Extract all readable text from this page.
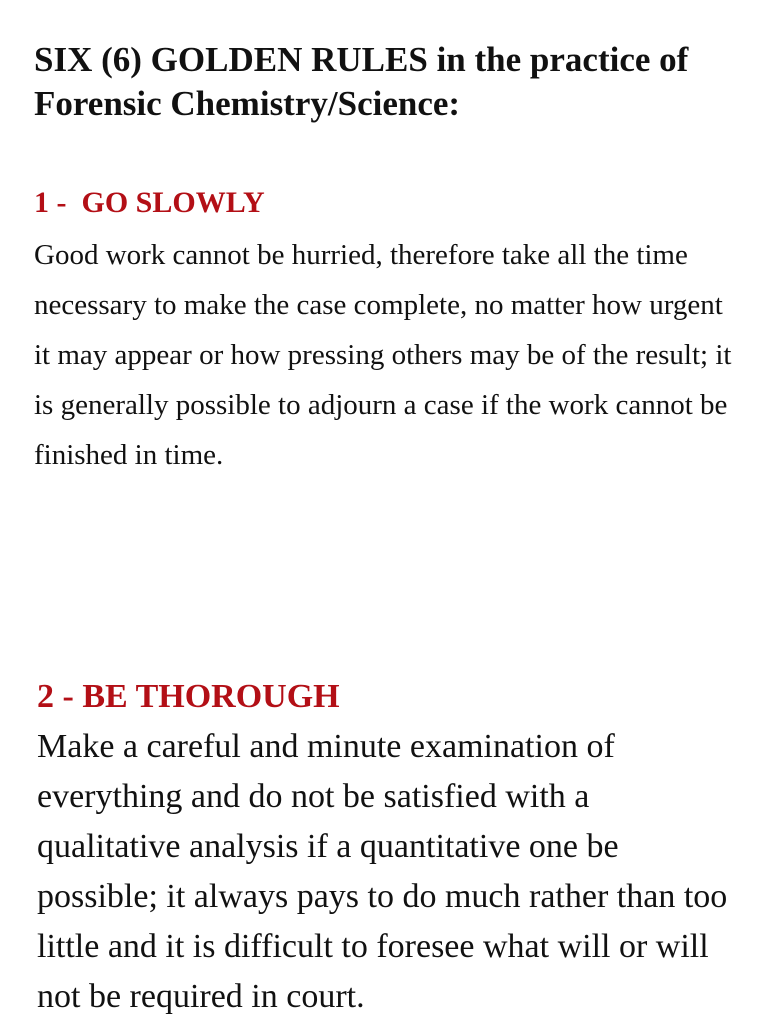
SIX (6) GOLDEN RULES in the practice of Forensic Chemistry/Science:
1 -  GO SLOWLY

Good work cannot be hurried, therefore take all the time necessary to make the case complete, no matter how urgent it may appear or how pressing others may be of the result; it is generally possible to adjourn a case if the work cannot be finished in time.

2 - BE THOROUGH

Make a careful and minute examination of everything and do not be satisfied with a qualitative analysis if a quantitative one be possible; it always pays to do much rather than too little and it is difficult to foresee what will or will not be required in court.
